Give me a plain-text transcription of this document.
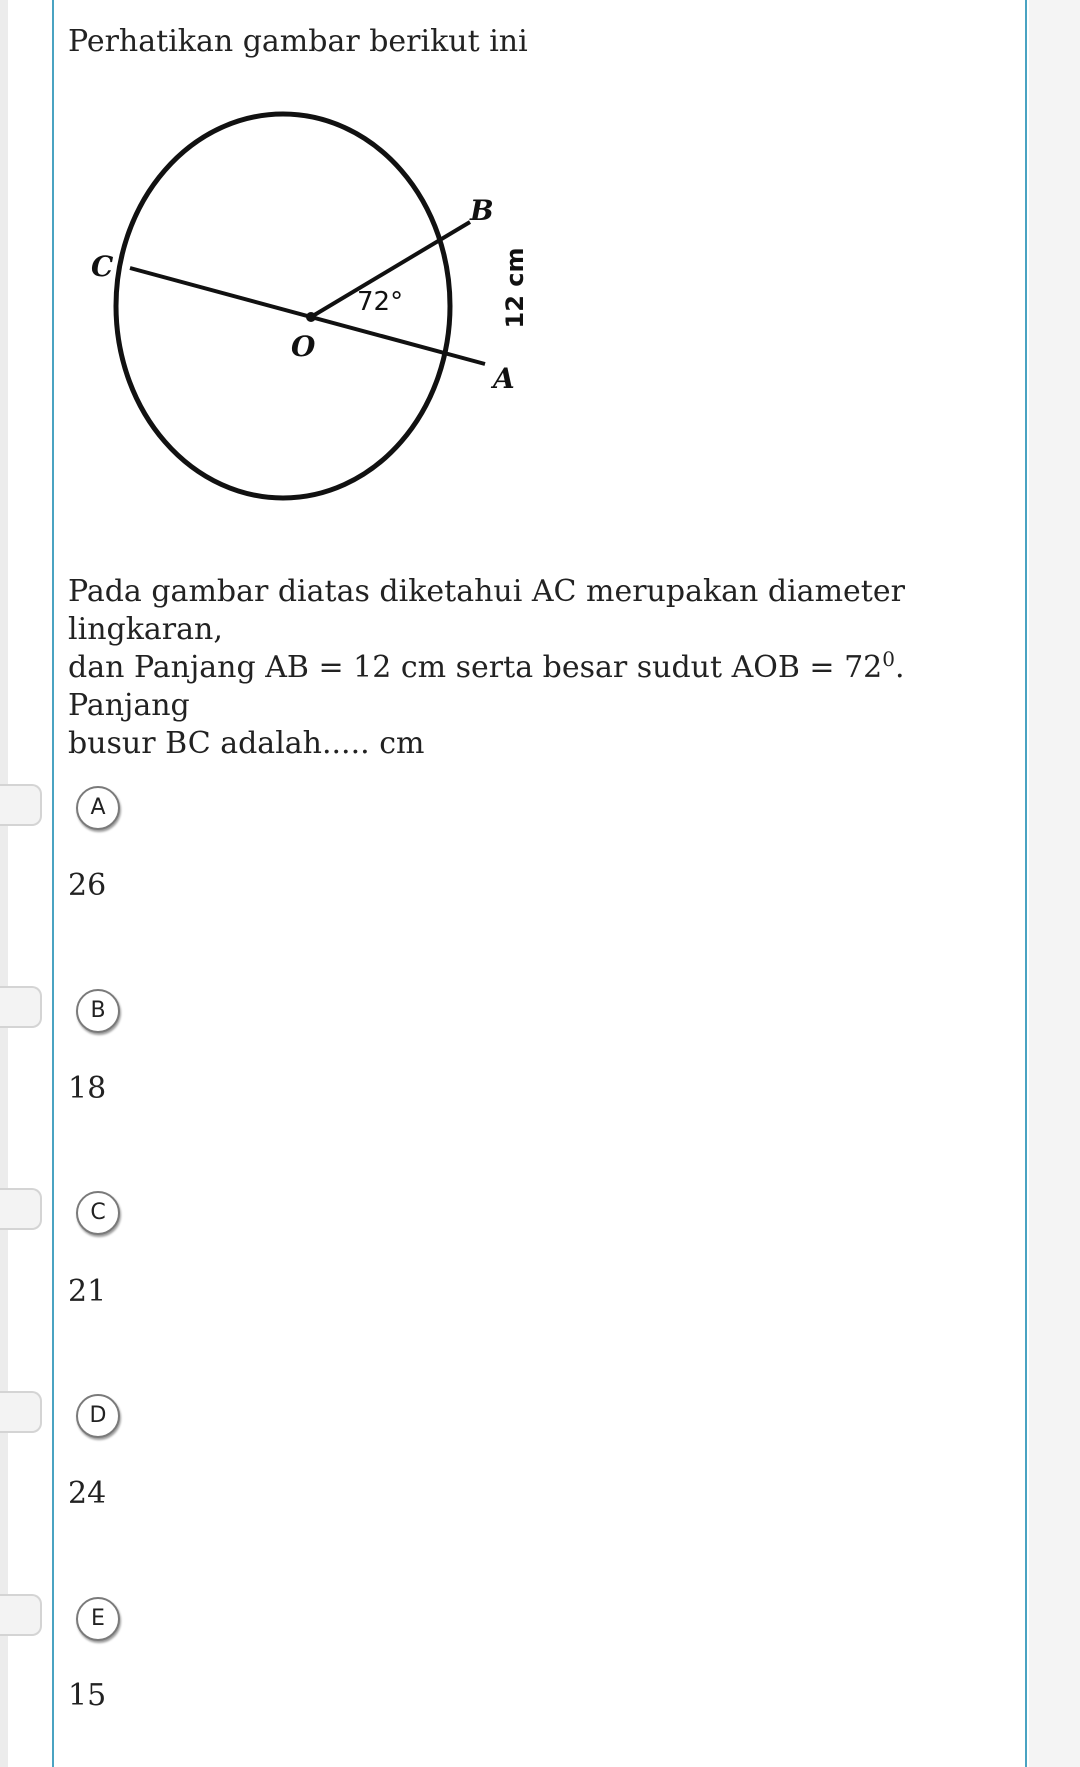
Perhatikan gambar berikut ini

C
B
O
A
72°	12 cm

Pada gambar diatas diketahui AC merupakan diameter lingkaran,
dan Panjang AB = 12 cm serta besar sudut AOB = $72^0$. Panjang
busur BC adalah..... cm

A
26
B
18
C
21
D
24
E
15
